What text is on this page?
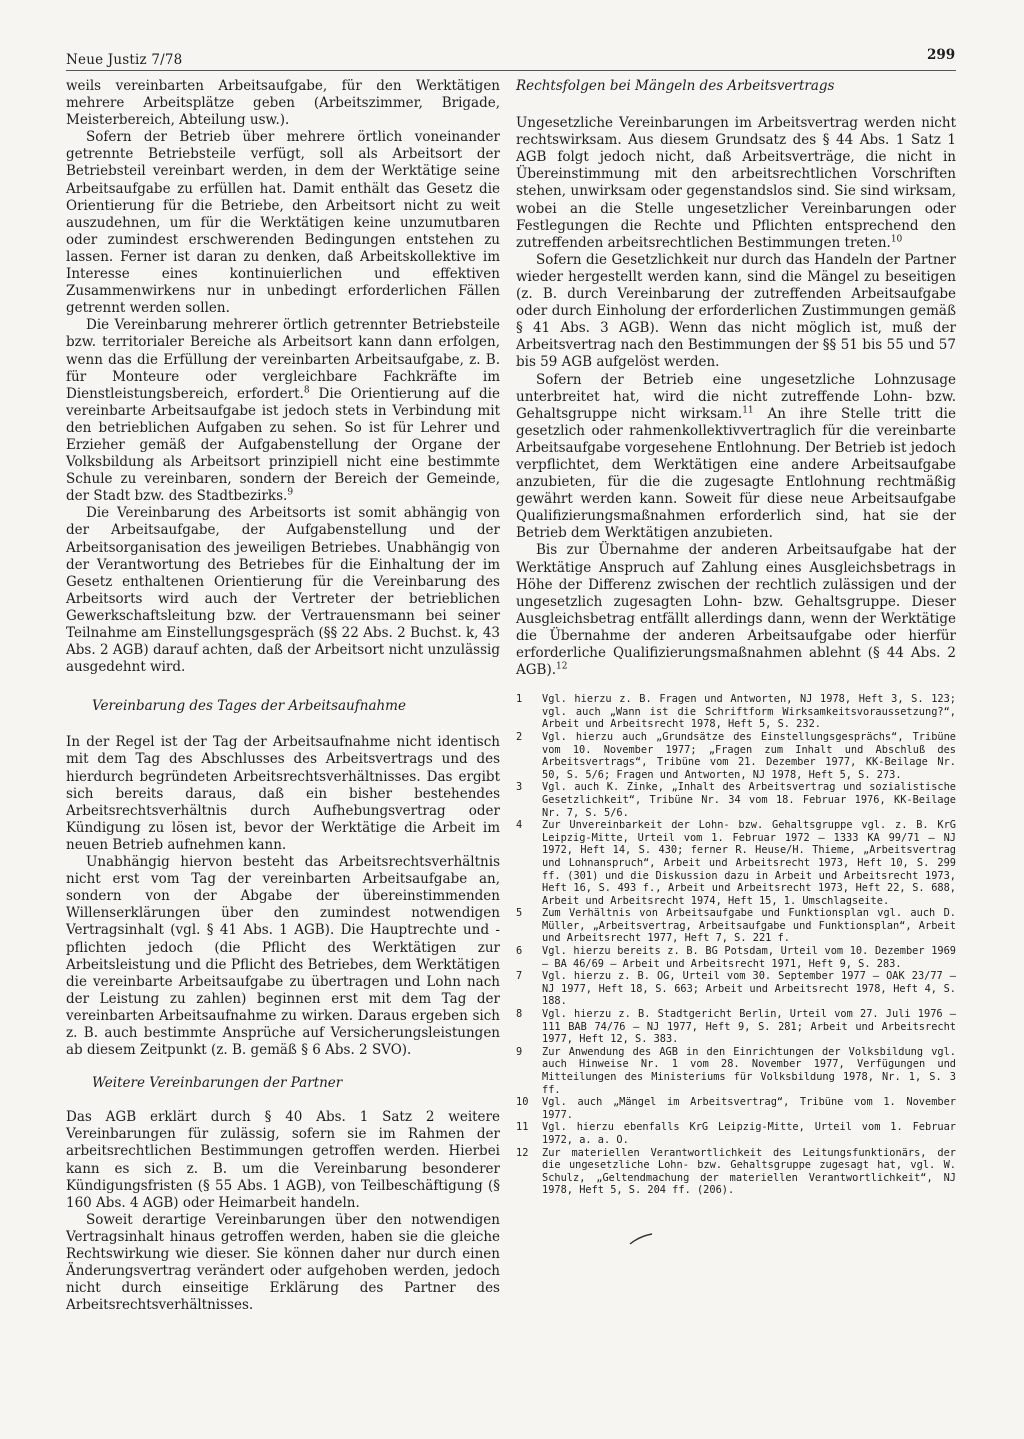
Neue Justiz 7/78	299

weils vereinbarten Arbeitsaufgabe, für den Werktätigen mehrere Arbeitsplätze geben (Arbeitszimmer, Brigade, Meisterbereich, Abteilung usw.).

Sofern der Betrieb über mehrere örtlich voneinander getrennte Betriebsteile verfügt, soll als Arbeitsort der Betriebsteil vereinbart werden, in dem der Werktätige seine Arbeitsaufgabe zu erfüllen hat. Damit enthält das Gesetz die Orientierung für die Betriebe, den Arbeitsort nicht zu weit auszudehnen, um für die Werktätigen keine unzumutbaren oder zumindest erschwerenden Bedingungen entstehen zu lassen. Ferner ist daran zu denken, daß Arbeitskollektive im Interesse eines kontinuierlichen und effektiven Zusammenwirkens nur in unbedingt erforderlichen Fällen getrennt werden sollen.

Die Vereinbarung mehrerer örtlich getrennter Betriebsteile bzw. territorialer Bereiche als Arbeitsort kann dann erfolgen, wenn das die Erfüllung der vereinbarten Arbeitsaufgabe, z. B. für Monteure oder vergleichbare Fachkräfte im Dienstleistungsbereich, erfordert.$^8$ Die Orientierung auf die vereinbarte Arbeitsaufgabe ist jedoch stets in Verbindung mit den betrieblichen Aufgaben zu sehen. So ist für Lehrer und Erzieher gemäß der Aufgabenstellung der Organe der Volksbildung als Arbeitsort prinzipiell nicht eine bestimmte Schule zu vereinbaren, sondern der Bereich der Gemeinde, der Stadt bzw. des Stadtbezirks.$^9$

Die Vereinbarung des Arbeitsorts ist somit abhängig von der Arbeitsaufgabe, der Aufgabenstellung und der Arbeitsorganisation des jeweiligen Betriebes. Unabhängig von der Verantwortung des Betriebes für die Einhaltung der im Gesetz enthaltenen Orientierung für die Vereinbarung des Arbeitsorts wird auch der Vertreter der betrieblichen Gewerkschaftsleitung bzw. der Vertrauensmann bei seiner Teilnahme am Einstellungsgespräch (§§ 22 Abs. 2 Buchst. k, 43 Abs. 2 AGB) darauf achten, daß der Arbeitsort nicht unzulässig ausgedehnt wird.

Vereinbarung des Tages der Arbeitsaufnahme

In der Regel ist der Tag der Arbeitsaufnahme nicht identisch mit dem Tag des Abschlusses des Arbeitsvertrags und des hierdurch begründeten Arbeitsrechtsverhältnisses. Das ergibt sich bereits daraus, daß ein bisher bestehendes Arbeitsrechtsverhältnis durch Aufhebungsvertrag oder Kündigung zu lösen ist, bevor der Werktätige die Arbeit im neuen Betrieb aufnehmen kann.

Unabhängig hiervon besteht das Arbeitsrechtsverhältnis nicht erst vom Tag der vereinbarten Arbeitsaufgabe an, sondern von der Abgabe der übereinstimmenden Willenserklärungen über den zumindest notwendigen Vertragsinhalt (vgl. § 41 Abs. 1 AGB). Die Hauptrechte und -pflichten jedoch (die Pflicht des Werktätigen zur Arbeitsleistung und die Pflicht des Betriebes, dem Werktätigen die vereinbarte Arbeitsaufgabe zu übertragen und Lohn nach der Leistung zu zahlen) beginnen erst mit dem Tag der vereinbarten Arbeitsaufnahme zu wirken. Daraus ergeben sich z. B. auch bestimmte Ansprüche auf Versicherungsleistungen ab diesem Zeitpunkt (z. B. gemäß § 6 Abs. 2 SVO).

Weitere Vereinbarungen der Partner

Das AGB erklärt durch § 40 Abs. 1 Satz 2 weitere Vereinbarungen für zulässig, sofern sie im Rahmen der arbeitsrechtlichen Bestimmungen getroffen werden. Hierbei kann es sich z. B. um die Vereinbarung besonderer Kündigungsfristen (§ 55 Abs. 1 AGB), von Teilbeschäftigung (§ 160 Abs. 4 AGB) oder Heimarbeit handeln.

Soweit derartige Vereinbarungen über den notwendigen Vertragsinhalt hinaus getroffen werden, haben sie die gleiche Rechtswirkung wie dieser. Sie können daher nur durch einen Änderungsvertrag verändert oder aufgehoben werden, jedoch nicht durch einseitige Erklärung des Partner des Arbeitsrechtsverhältnisses.

Rechtsfolgen bei Mängeln des Arbeitsvertrags

Ungesetzliche Vereinbarungen im Arbeitsvertrag werden nicht rechtswirksam. Aus diesem Grundsatz des § 44 Abs. 1 Satz 1 AGB folgt jedoch nicht, daß Arbeitsverträge, die nicht in Übereinstimmung mit den arbeitsrechtlichen Vorschriften stehen, unwirksam oder gegenstandslos sind. Sie sind wirksam, wobei an die Stelle ungesetzlicher Vereinbarungen oder Festlegungen die Rechte und Pflichten entsprechend den zutreffenden arbeitsrechtlichen Bestimmungen treten.$^{10}$

Sofern die Gesetzlichkeit nur durch das Handeln der Partner wieder hergestellt werden kann, sind die Mängel zu beseitigen (z. B. durch Vereinbarung der zutreffenden Arbeitsaufgabe oder durch Einholung der erforderlichen Zustimmungen gemäß § 41 Abs. 3 AGB). Wenn das nicht möglich ist, muß der Arbeitsvertrag nach den Bestimmungen der §§ 51 bis 55 und 57 bis 59 AGB aufgelöst werden.

Sofern der Betrieb eine ungesetzliche Lohnzusage unterbreitet hat, wird die nicht zutreffende Lohn- bzw. Gehaltsgruppe nicht wirksam.$^{11}$ An ihre Stelle tritt die gesetzlich oder rahmenkollektivvertraglich für die vereinbarte Arbeitsaufgabe vorgesehene Entlohnung. Der Betrieb ist jedoch verpflichtet, dem Werktätigen eine andere Arbeitsaufgabe anzubieten, für die die zugesagte Entlohnung rechtmäßig gewährt werden kann. Soweit für diese neue Arbeitsaufgabe Qualifizierungsmaßnahmen erforderlich sind, hat sie der Betrieb dem Werktätigen anzubieten.

Bis zur Übernahme der anderen Arbeitsaufgabe hat der Werktätige Anspruch auf Zahlung eines Ausgleichsbetrags in Höhe der Differenz zwischen der rechtlich zulässigen und der ungesetzlich zugesagten Lohn- bzw. Gehaltsgruppe. Dieser Ausgleichsbetrag entfällt allerdings dann, wenn der Werktätige die Übernahme der anderen Arbeitsaufgabe oder hierfür erforderliche Qualifizierungsmaßnahmen ablehnt (§ 44 Abs. 2 AGB).$^{12}$

1	Vgl. hierzu z. B. Fragen und Antworten, NJ 1978, Heft 3, S. 123; vgl. auch „Wann ist die Schriftform Wirksamkeitsvoraussetzung?“, Arbeit und Arbeitsrecht 1978, Heft 5, S. 232.
2	Vgl. hierzu auch „Grundsätze des Einstellungsgesprächs“, Tribüne vom 10. November 1977; „Fragen zum Inhalt und Abschluß des Arbeitsvertrags“, Tribüne vom 21. Dezember 1977, KK-Beilage Nr. 50, S. 5/6; Fragen und Antworten, NJ 1978, Heft 5, S. 273.
3	Vgl. auch K. Zinke, „Inhalt des Arbeitsvertrag und sozialistische Gesetzlichkeit“, Tribüne Nr. 34 vom 18. Februar 1976, KK-Beilage Nr. 7, S. 5/6.
4	Zur Unvereinbarkeit der Lohn- bzw. Gehaltsgruppe vgl. z. B. KrG Leipzig-Mitte, Urteil vom 1. Februar 1972 — 1333 KA 99/71 — NJ 1972, Heft 14, S. 430; ferner R. Heuse/H. Thieme, „Arbeitsvertrag und Lohnanspruch“, Arbeit und Arbeitsrecht 1973, Heft 10, S. 299 ff. (301) und die Diskussion dazu in Arbeit und Arbeitsrecht 1973, Heft 16, S. 493 f., Arbeit und Arbeitsrecht 1973, Heft 22, S. 688, Arbeit und Arbeitsrecht 1974, Heft 15, 1. Umschlagseite.
5	Zum Verhältnis von Arbeitsaufgabe und Funktionsplan vgl. auch D. Müller, „Arbeitsvertrag, Arbeitsaufgabe und Funktionsplan“, Arbeit und Arbeitsrecht 1977, Heft 7, S. 221 f.
6	Vgl. hierzu bereits z. B. BG Potsdam, Urteil vom 10. Dezember 1969 — BA 46/69 — Arbeit und Arbeitsrecht 1971, Heft 9, S. 283.
7	Vgl. hierzu z. B. OG, Urteil vom 30. September 1977 — OAK 23/77 — NJ 1977, Heft 18, S. 663; Arbeit und Arbeitsrecht 1978, Heft 4, S. 188.
8	Vgl. hierzu z. B. Stadtgericht Berlin, Urteil vom 27. Juli 1976 — 111 BAB 74/76 — NJ 1977, Heft 9, S. 281; Arbeit und Arbeitsrecht 1977, Heft 12, S. 383.
9	Zur Anwendung des AGB in den Einrichtungen der Volksbildung vgl. auch Hinweise Nr. 1 vom 28. November 1977, Verfügungen und Mitteilungen des Ministeriums für Volksbildung 1978, Nr. 1, S. 3 ff.
10	Vgl. auch „Mängel im Arbeitsvertrag“, Tribüne vom 1. November 1977.
11	Vgl. hierzu ebenfalls KrG Leipzig-Mitte, Urteil vom 1. Februar 1972, a. a. O.
12	Zur materiellen Verantwortlichkeit des Leitungsfunktionärs, der die ungesetzliche Lohn- bzw. Gehaltsgruppe zugesagt hat, vgl. W. Schulz, „Geltendmachung der materiellen Verantwortlichkeit“, NJ 1978, Heft 5, S. 204 ff. (206).
